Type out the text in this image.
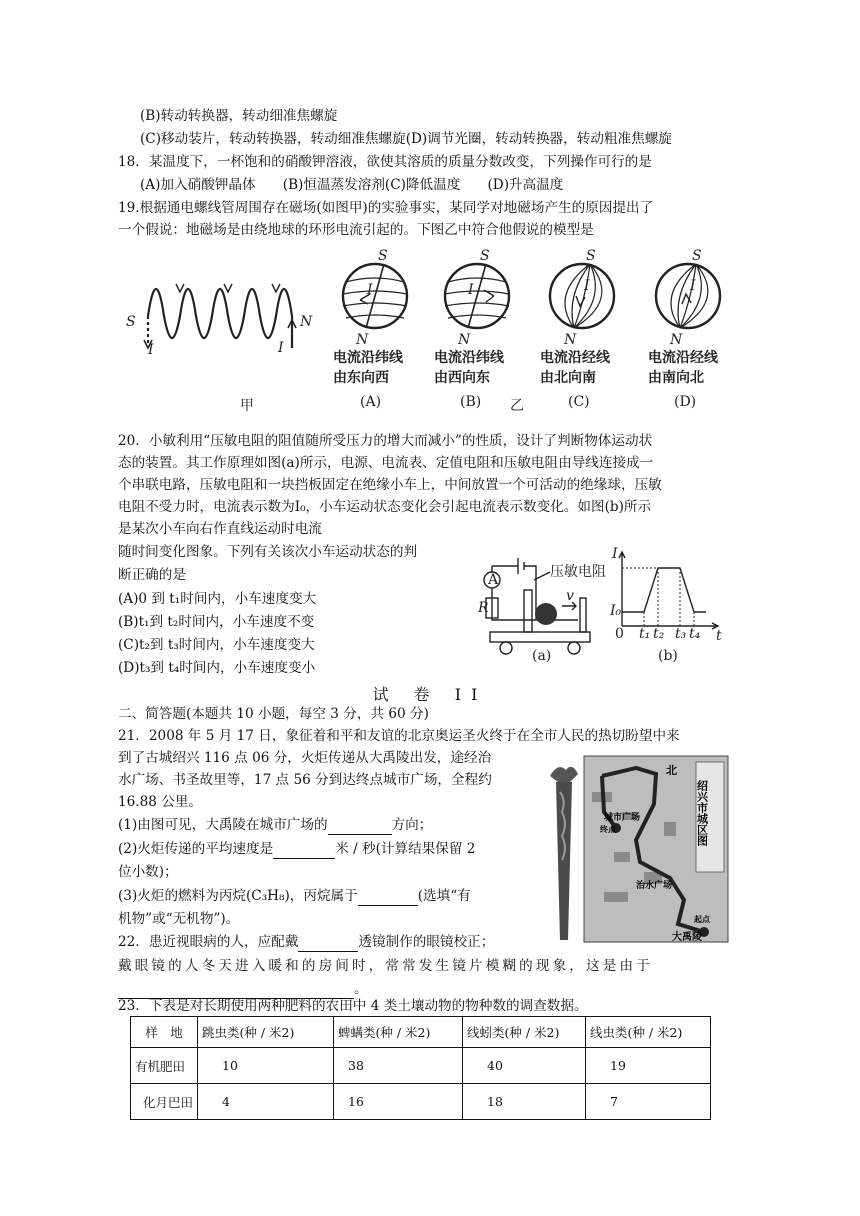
(B)转动转换器，转动细准焦螺旋
(C)移动装片，转动转换器，转动细准焦螺旋(D)调节光圈，转动转换器，转动粗准焦螺旋
18．某温度下，一杯饱和的硝酸钾溶液，欲使其溶质的质量分数改变，下列操作可行的是
(A)加入硝酸钾晶体　　(B)恒温蒸发溶剂(C)降低温度　　(D)升高温度
19.根据通电螺线管周围存在磁场(如图甲)的实验事实，某同学对地磁场产生的原因提出了
一个假说：地磁场是由绕地球的环形电流引起的。下图乙中符合他假说的模型是
S	N
I	I
甲
S
N
I
电流沿纬线
由东向西
(A)
S
N
I
电流沿纬线
由西向东
(B) 乙
S
N
I
电流沿经线
由北向南
(C)
S
N
I
电流沿经线
由南向北
(D)
20．小敏利用“压敏电阻的阻值随所受压力的增大而减小”的性质，设计了判断物体运动状
态的装置。其工作原理如图(a)所示，电源、电流表、定值电阻和压敏电阻由导线连接成一
个串联电路，压敏电阻和一块挡板固定在绝缘小车上，中间放置一个可活动的绝缘球，压敏
电阻不受力时，电流表示数为I₀，小车运动状态变化会引起电流表示数变化。如图(b)所示
是某次小车向右作直线运动时电流
随时间变化图象。下列有关该次小车运动状态的判
断正确的是
(A)0 到 t₁时间内，小车速度变大
(B)t₁到 t₂时间内，小车速度不变
(C)t₂到 t₃时间内，小车速度变大
(D)t₃到 t₄时间内，小车速度变小
A
R
压敏电阻
v
(a)
I
t
I₀
0 t₁ t₂ t₃ t₄
(b)
试 卷 II
二、简答题(本题共 10 小题，每空 3 分，共 60 分)
21．2008 年 5 月 17 日，象征着和平和友谊的北京奥运圣火终于在全市人民的热切盼望中来
到了古城绍兴 116 点 06 分，火炬传递从大禹陵出发，途经治
水广场、书圣故里等，17 点 56 分到达终点城市广场，全程约
16.88 公里。
(1)由图可见，大禹陵在城市广场的	方向；
(2)火炬传递的平均速度是	米 / 秒(计算结果保留 2
位小数)；
(3)火炬的燃料为丙烷(C₃H₈)，丙烷属于	(选填“有
机物”或“无机物”)。
北
绍兴市城区图
城市广场
终点
治水广场
起点
大禹陵
22．患近视眼病的人，应配戴	透镜制作的眼镜校正；
戴 眼 镜 的 人 冬 天 进 入 暖 和 的 房 间 时 ， 常 常 发 生 镜 片 模 糊 的 现 象 ， 这 是 由 于
。
23．下表是对长期使用两种肥料的农田中 4 类土壤动物的物种数的调查数据。
样　地	跳虫类(种 / 米2)	蜱螨类(种 / 米2)	线蚓类(种 / 米2)	线虫类(种 / 米2)
有机肥田	10	38	40	19
化月巴田	4	16	18	7
